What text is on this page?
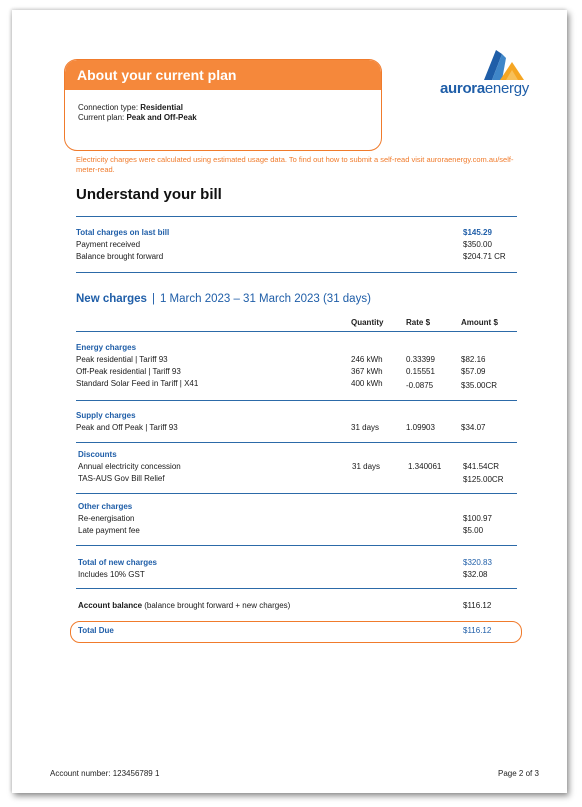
About your current plan
Connection type: Residential
Current plan: Peak and Off-Peak
auroraenergy
Electricity charges were calculated using estimated usage data. To find out how to submit a self-read visit auroraenergy.com.au/self-meter-read.
Understand your bill
Total charges on last bill	$145.29
Payment received	$350.00
Balance brought forward	$204.71 CR
New charges | 1 March 2023 – 31 March 2023 (31 days)
Quantity	Rate $	Amount $
Energy charges
Peak residential | Tariff 93	246 kWh	0.33399	$82.16
Off-Peak residential | Tariff 93	367 kWh	0.15551	$57.09
Standard Solar Feed in Tariff | X41	400 kWh	-0.0875	$35.00CR
Supply charges
Peak and Off Peak | Tariff 93	31 days	1.09903	$34.07
Discounts
Annual electricity concession	31 days	1.340061	$41.54CR
TAS-AUS Gov Bill Relief	$125.00CR
Other charges
Re-energisation	$100.97
Late payment fee	$5.00
Total of new charges	$320.83
Includes 10% GST	$32.08
Account balance (balance brought forward + new charges)	$116.12
Total Due	$116.12
Account number: 123456789 1	Page 2 of 3
